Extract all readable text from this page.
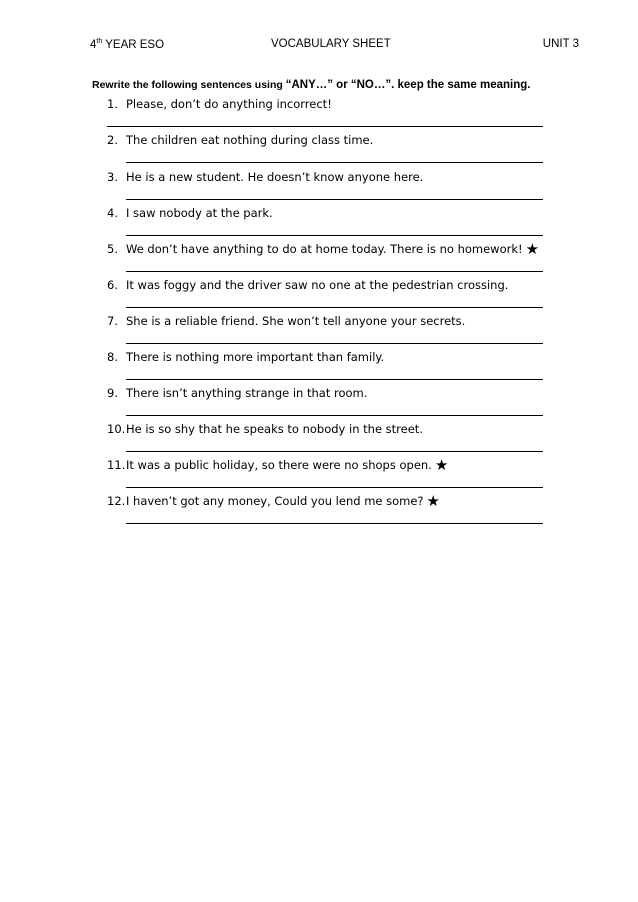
4th YEAR ESO	VOCABULARY SHEET	UNIT 3
Rewrite the following sentences using “ANY…” or “NO…”. keep the same meaning.
1. Please, don’t do anything incorrect!
2. The children eat nothing during class time.
3. He is a new student. He doesn’t know anyone here.
4. I saw nobody at the park.
5. We don’t have anything to do at home today. There is no homework! ★
6. It was foggy and the driver saw no one at the pedestrian crossing.
7. She is a reliable friend. She won’t tell anyone your secrets.
8. There is nothing more important than family.
9. There isn’t anything strange in that room.
10. He is so shy that he speaks to nobody in the street.
11. It was a public holiday, so there were no shops open. ★
12. I haven’t got any money, Could you lend me some? ★
